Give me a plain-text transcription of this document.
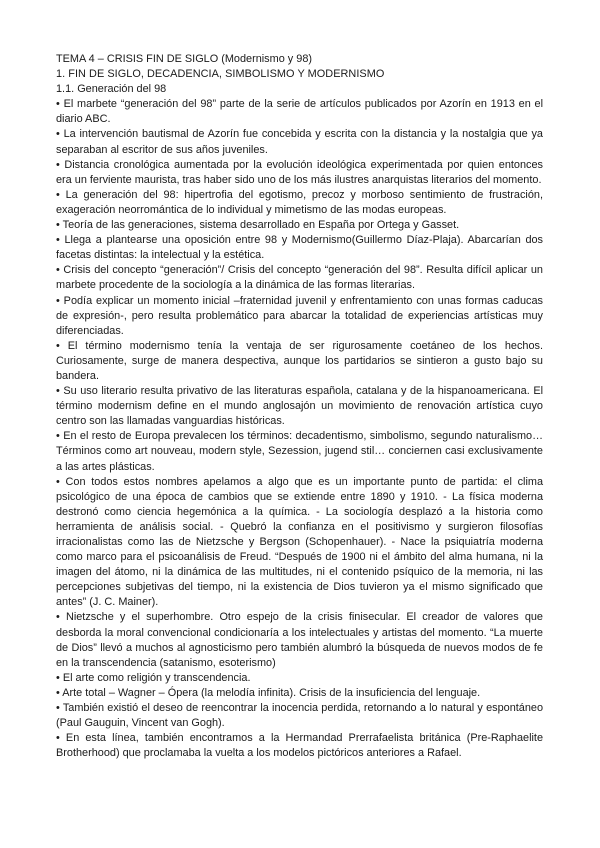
TEMA 4 – CRISIS FIN DE SIGLO (Modernismo y 98)

1. FIN DE SIGLO, DECADENCIA, SIMBOLISMO Y MODERNISMO

1.1. Generación del 98

• El marbete “generación del 98” parte de la serie de artículos publicados por Azorín en 1913 en el diario ABC.

• La intervención bautismal de Azorín fue concebida y escrita con la distancia y la nostalgia que ya separaban al escritor de sus años juveniles.

• Distancia cronológica aumentada por la evolución ideológica experimentada por quien entonces era un ferviente maurista, tras haber sido uno de los más ilustres anarquistas literarios del momento.

• La generación del 98: hipertrofia del egotismo, precoz y morboso sentimiento de frustración, exageración neorromántica de lo individual y mimetismo de las modas europeas.

• Teoría de las generaciones, sistema desarrollado en España por Ortega y Gasset.

• Llega a plantearse una oposición entre 98 y Modernismo(Guillermo Díaz-Plaja). Abarcarían dos facetas distintas: la intelectual y la estética.

• Crisis del concepto “generación”/ Crisis del concepto “generación del 98”. Resulta difícil aplicar un marbete procedente de la sociología a la dinámica de las formas literarias.

• Podía explicar un momento inicial –fraternidad juvenil y enfrentamiento con unas formas caducas de expresión-, pero resulta problemático para abarcar la totalidad de experiencias artísticas muy diferenciadas.

• El término modernismo tenía la ventaja de ser rigurosamente coetáneo de los hechos. Curiosamente, surge de manera despectiva, aunque los partidarios se sintieron a gusto bajo su bandera.

• Su uso literario resulta privativo de las literaturas española, catalana y de la hispanoamericana. El término modernism define en el mundo anglosajón un movimiento de renovación artística cuyo centro son las llamadas vanguardias históricas.

• En el resto de Europa prevalecen los términos: decadentismo, simbolismo, segundo naturalismo… Términos como art nouveau, modern style, Sezession, jugend stil… conciernen casi exclusivamente a las artes plásticas.

• Con todos estos nombres apelamos a algo que es un importante punto de partida: el clima psicológico de una época de cambios que se extiende entre 1890 y 1910. - La física moderna destronó como ciencia hegemónica a la química. - La sociología desplazó a la historia como herramienta de análisis social. - Quebró la confianza en el positivismo y surgieron filosofías irracionalistas como las de Nietzsche y Bergson (Schopenhauer). - Nace la psiquiatría moderna como marco para el psicoanálisis de Freud. “Después de 1900 ni el ámbito del alma humana, ni la imagen del átomo, ni la dinámica de las multitudes, ni el contenido psíquico de la memoria, ni las percepciones subjetivas del tiempo, ni la existencia de Dios tuvieron ya el mismo significado que antes” (J. C. Mainer).

• Nietzsche y el superhombre. Otro espejo de la crisis finisecular. El creador de valores que desborda la moral convencional condicionaría a los intelectuales y artistas del momento. “La muerte de Dios” llevó a muchos al agnosticismo pero también alumbró la búsqueda de nuevos modos de fe en la transcendencia (satanismo, esoterismo)

• El arte como religión y transcendencia.

• Arte total – Wagner – Ópera (la melodía infinita). Crisis de la insuficiencia del lenguaje.

• También existió el deseo de reencontrar la inocencia perdida, retornando a lo natural y espontáneo (Paul Gauguin, Vincent van Gogh).

• En esta línea, también encontramos a la Hermandad Prerrafaelista británica (Pre-Raphaelite Brotherhood) que proclamaba la vuelta a los modelos pictóricos anteriores a Rafael.
